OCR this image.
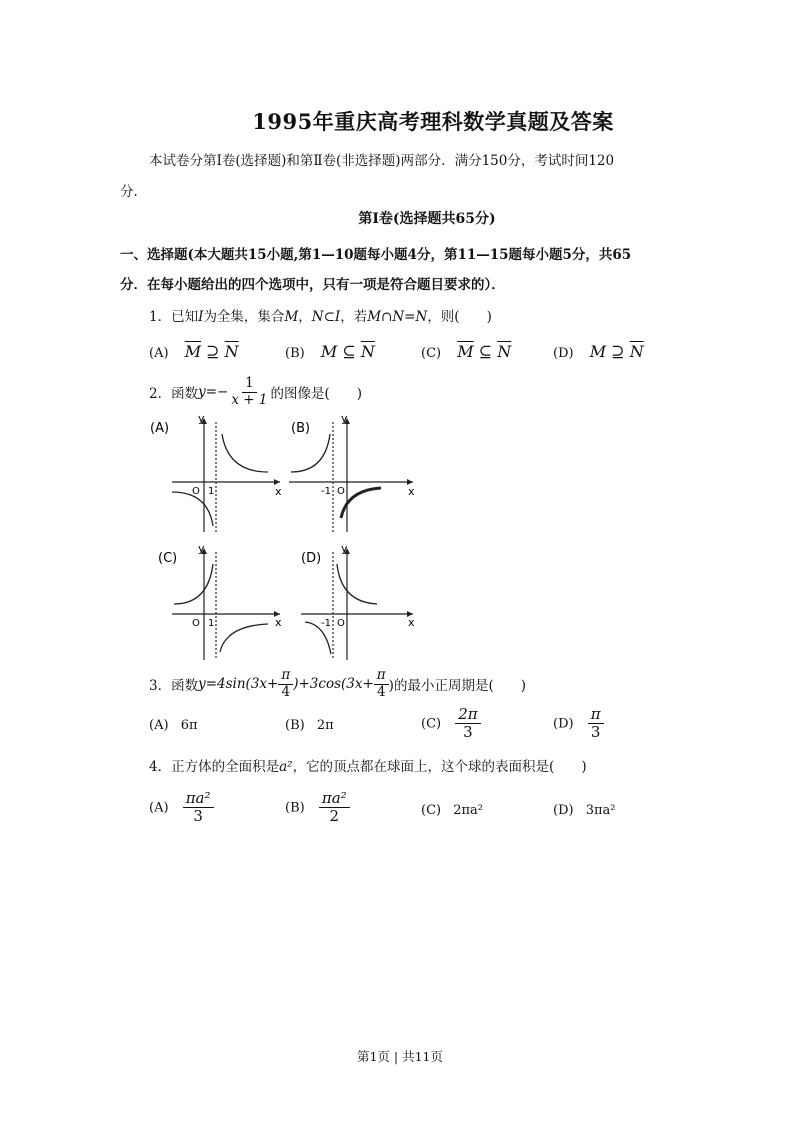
1995年重庆高考理科数学真题及答案
本试卷分第Ⅰ卷(选择题)和第Ⅱ卷(非选择题)两部分．满分150分，考试时间120
分.
第Ⅰ卷(选择题共65分)
一、选择题(本大题共15小题,第1—10题每小题4分，第11—15题每小题5分，共65
分．在每小题给出的四个选项中，只有一项是符合题目要求的）．
1．已知I为全集，集合M，N⊂I，若M∩N=N，则(　　)
(A) $\overline{M}$ ⊇ $\overline{N}$	(B) M ⊆ $\overline{N}$	(C) $\overline{M}$ ⊆ $\overline{N}$	(D) M ⊇ $\overline{N}$
2．函数$y=- \frac{1}{x + 1}$ 的图像是(　　)
(A)
y
x
O 1
(B)
y
x
-1 O
(C)
y
x
O 1
(D)
y
x
-1 O
3．函数$y=4\sin(3x+ \frac{\pi}{4} )+3\cos(3x+ \frac{\pi}{4}$ )的最小正周期是(　　)
(A) 6π	(B) 2π	$(C) \frac{2\pi}{3}$	$(D) \frac{\pi}{3}$
4．正方体的全面积是a²，它的顶点都在球面上，这个球的表面积是(　　)
$(A) \frac{\text{πa²}}{3}$	$(B) \frac{\text{πa²}}{2}$	(C) 2πa²	(D) 3πa²
第1页 | 共11页
